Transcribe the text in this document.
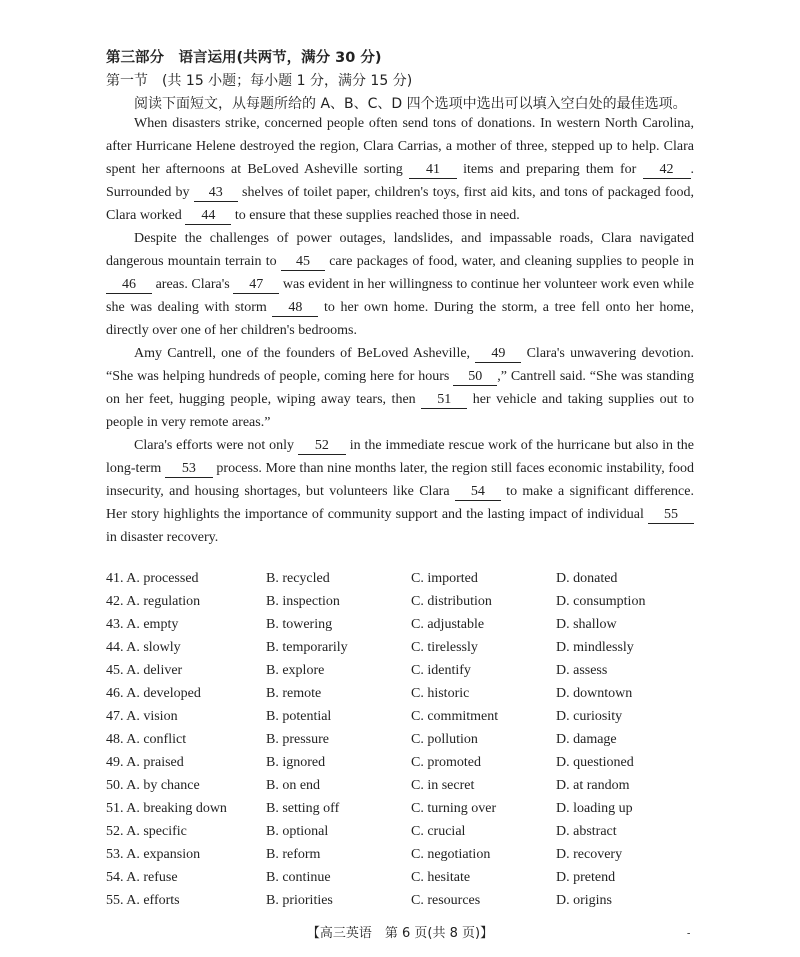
第三部分　语言运用(共两节，满分 30 分)
第一节　(共 15 小题；每小题 1 分，满分 15 分)
阅读下面短文，从每题所给的 A、B、C、D 四个选项中选出可以填入空白处的最佳选项。

When disasters strike, concerned people often send tons of donations. In western North Carolina, after Hurricane Helene destroyed the region, Clara Carrias, a mother of three, stepped up to help. Clara spent her afternoons at BeLoved Asheville sorting 41 items and preparing them for 42 . Surrounded by 43 shelves of toilet paper, children's toys, first aid kits, and tons of packaged food, Clara worked 44 to ensure that these supplies reached those in need.

Despite the challenges of power outages, landslides, and impassable roads, Clara navigated dangerous mountain terrain to 45 care packages of food, water, and cleaning supplies to people in 46 areas. Clara's 47 was evident in her willingness to continue her volunteer work even while she was dealing with storm 48 to her own home. During the storm, a tree fell onto her home, directly over one of her children's bedrooms.

Amy Cantrell, one of the founders of BeLoved Asheville, 49 Clara's unwavering devotion. “She was helping hundreds of people, coming here for hours 50 ,” Cantrell said. “She was standing on her feet, hugging people, wiping away tears, then 51 her vehicle and taking supplies out to people in very remote areas.”

Clara's efforts were not only 52 in the immediate rescue work of the hurricane but also in the long-term 53 process. More than nine months later, the region still faces economic instability, food insecurity, and housing shortages, but volunteers like Clara 54 to make a significant difference. Her story highlights the importance of community support and the lasting impact of individual 55 in disaster recovery.

41. A. processed	B. recycled	C. imported	D. donated
42. A. regulation	B. inspection	C. distribution	D. consumption
43. A. empty	B. towering	C. adjustable	D. shallow
44. A. slowly	B. temporarily	C. tirelessly	D. mindlessly
45. A. deliver	B. explore	C. identify	D. assess
46. A. developed	B. remote	C. historic	D. downtown
47. A. vision	B. potential	C. commitment	D. curiosity
48. A. conflict	B. pressure	C. pollution	D. damage
49. A. praised	B. ignored	C. promoted	D. questioned
50. A. by chance	B. on end	C. in secret	D. at random
51. A. breaking down	B. setting off	C. turning over	D. loading up
52. A. specific	B. optional	C. crucial	D. abstract
53. A. expansion	B. reform	C. negotiation	D. recovery
54. A. refuse	B. continue	C. hesitate	D. pretend
55. A. efforts	B. priorities	C. resources	D. origins
【高三英语　第 6 页(共 8 页)】	-
